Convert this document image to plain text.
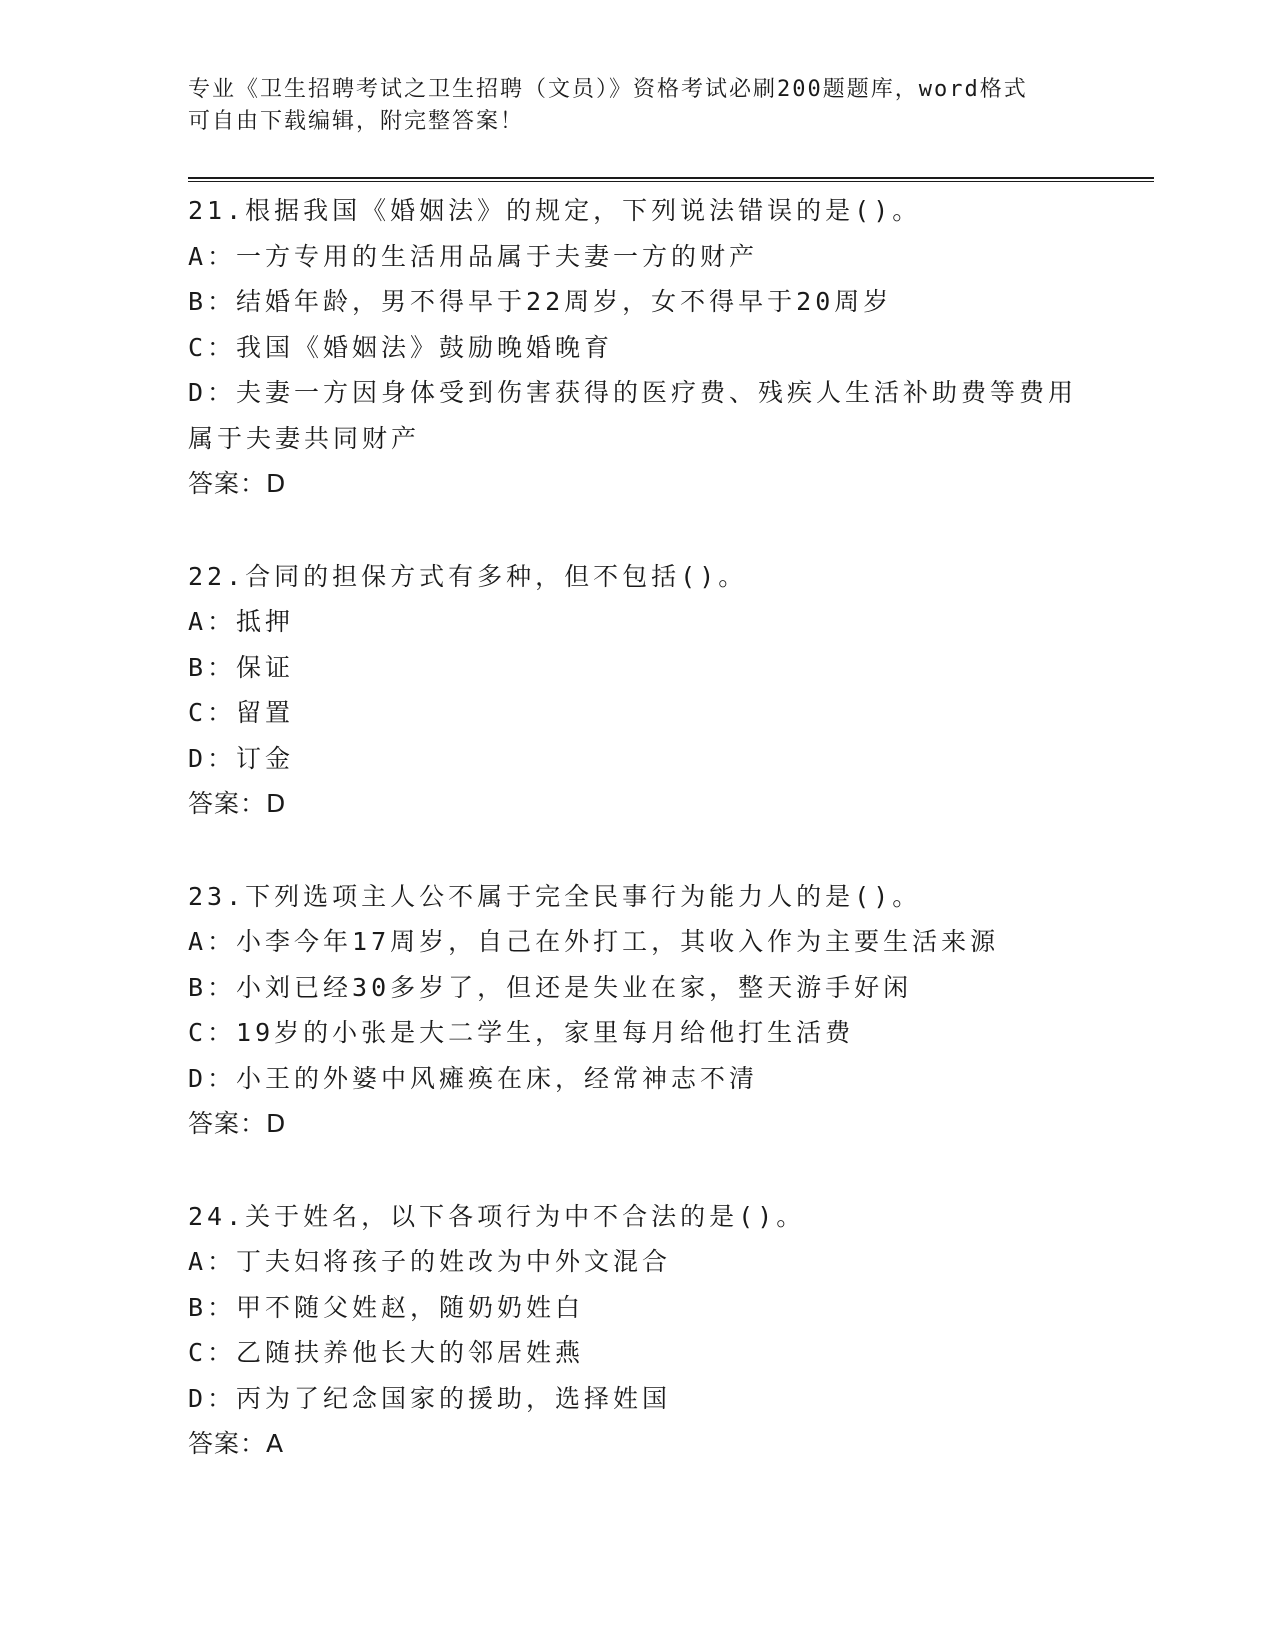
专业《卫生招聘考试之卫生招聘（文员）》资格考试必刷200题题库，word格式
可自由下载编辑，附完整答案！
21.根据我国《婚姻法》的规定，下列说法错误的是()。
A：一方专用的生活用品属于夫妻一方的财产
B：结婚年龄，男不得早于22周岁，女不得早于20周岁
C：我国《婚姻法》鼓励晚婚晚育
D：夫妻一方因身体受到伤害获得的医疗费、残疾人生活补助费等费用
属于夫妻共同财产
答案：D
22.合同的担保方式有多种，但不包括()。
A：抵押
B：保证
C：留置
D：订金
答案：D
23.下列选项主人公不属于完全民事行为能力人的是()。
A：小李今年17周岁，自己在外打工，其收入作为主要生活来源
B：小刘已经30多岁了，但还是失业在家，整天游手好闲
C：19岁的小张是大二学生，家里每月给他打生活费
D：小王的外婆中风瘫痪在床，经常神志不清
答案：D
24.关于姓名，以下各项行为中不合法的是()。
A：丁夫妇将孩子的姓改为中外文混合
B：甲不随父姓赵，随奶奶姓白
C：乙随扶养他长大的邻居姓燕
D：丙为了纪念国家的援助，选择姓国
答案：A
